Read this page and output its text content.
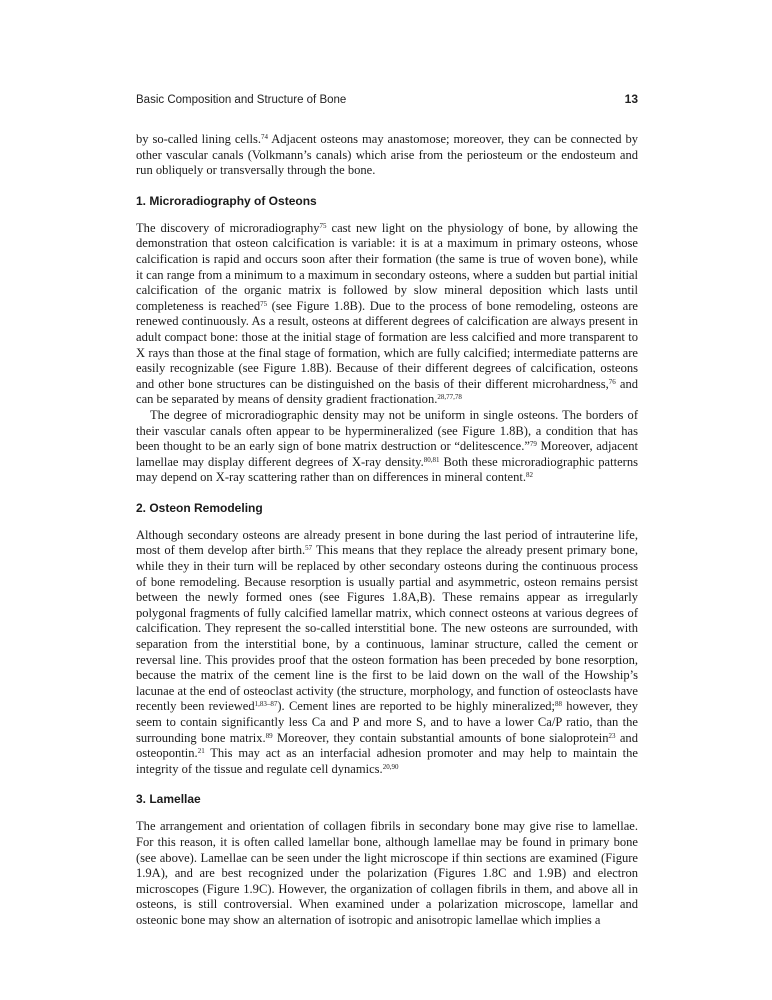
Basic Composition and Structure of Bone	13

by so-called lining cells.$^{74}$ Adjacent osteons may anastomose; moreover, they can be connected by other vascular canals (Volkmann’s canals) which arise from the periosteum or the endosteum and run obliquely or transversally through the bone.

1. Microradiography of Osteons

The discovery of microradiography$^{75}$ cast new light on the physiology of bone, by allowing the demonstration that osteon calcification is variable: it is at a maximum in primary osteons, whose calcification is rapid and occurs soon after their formation (the same is true of woven bone), while it can range from a minimum to a maximum in secondary osteons, where a sudden but partial initial calcification of the organic matrix is followed by slow mineral deposition which lasts until completeness is reached$^{75}$ (see Figure 1.8B). Due to the process of bone remodeling, osteons are renewed continuously. As a result, osteons at different degrees of calcification are always present in adult compact bone: those at the initial stage of formation are less calcified and more transparent to X rays than those at the final stage of formation, which are fully calcified; intermediate patterns are easily recognizable (see Figure 1.8B). Because of their different degrees of calcification, osteons and other bone structures can be distinguished on the basis of their different microhardness,$^{76}$ and can be separated by means of density gradient fractionation.$^{28,77,78}$

The degree of microradiographic density may not be uniform in single osteons. The borders of their vascular canals often appear to be hypermineralized (see Figure 1.8B), a condition that has been thought to be an early sign of bone matrix destruction or “delitescence.”$^{79}$ Moreover, adjacent lamellae may display different degrees of X-ray density.$^{80,81}$ Both these microradiographic patterns may depend on X-ray scattering rather than on differences in mineral content.$^{82}$

2. Osteon Remodeling

Although secondary osteons are already present in bone during the last period of intrauterine life, most of them develop after birth.$^{57}$ This means that they replace the already present primary bone, while they in their turn will be replaced by other secondary osteons during the continuous process of bone remodeling. Because resorption is usually partial and asymmetric, osteon remains persist between the newly formed ones (see Figures 1.8A,B). These remains appear as irregularly polygonal fragments of fully calcified lamellar matrix, which connect osteons at various degrees of calcification. They represent the so-called interstitial bone. The new osteons are surrounded, with separation from the interstitial bone, by a continuous, laminar structure, called the cement or reversal line. This provides proof that the osteon formation has been preceded by bone resorption, because the matrix of the cement line is the first to be laid down on the wall of the Howship’s lacunae at the end of osteoclast activity (the structure, morphology, and function of osteoclasts have recently been reviewed$^{1,83-87}$). Cement lines are reported to be highly mineralized;$^{88}$ however, they seem to contain significantly less Ca and P and more S, and to have a lower Ca/P ratio, than the surrounding bone matrix.$^{89}$ Moreover, they contain substantial amounts of bone sialoprotein$^{23}$ and osteopontin.$^{21}$ This may act as an interfacial adhesion promoter and may help to maintain the integrity of the tissue and regulate cell dynamics.$^{20,90}$

3. Lamellae

The arrangement and orientation of collagen fibrils in secondary bone may give rise to lamellae. For this reason, it is often called lamellar bone, although lamellae may be found in primary bone (see above). Lamellae can be seen under the light microscope if thin sections are examined (Figure 1.9A), and are best recognized under the polarization (Figures 1.8C and 1.9B) and electron microscopes (Figure 1.9C). However, the organization of collagen fibrils in them, and above all in osteons, is still controversial. When examined under a polarization microscope, lamellar and osteonic bone may show an alternation of isotropic and anisotropic lamellae which implies a
